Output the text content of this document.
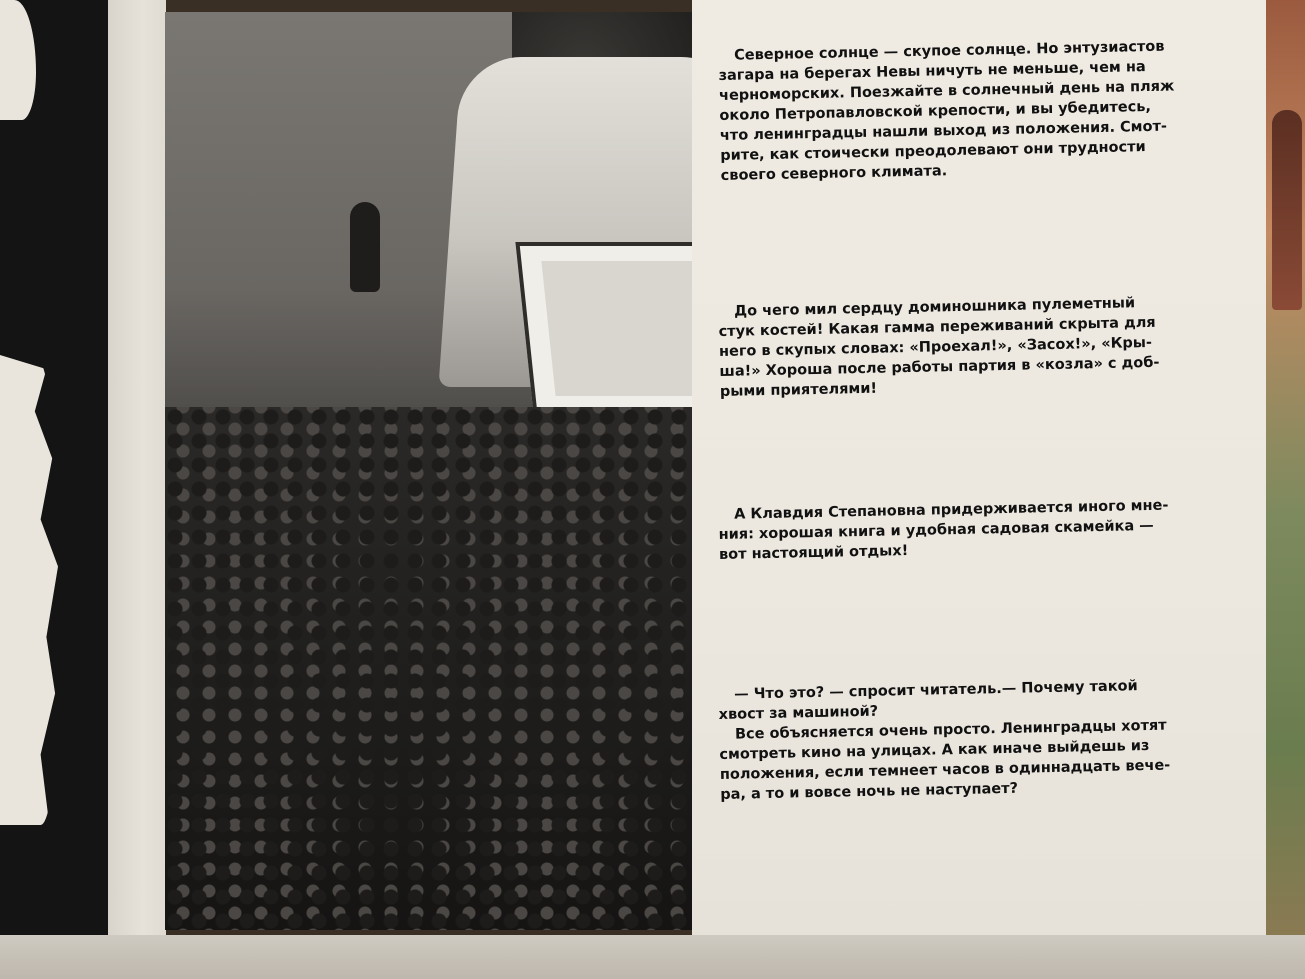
Северное солнце — скупое солнце. Но энтузиастов
загара на берегах Невы ничуть не меньше, чем на
черноморских. Поезжайте в солнечный день на пляж
около Петропавловской крепости, и вы убедитесь,
что ленинградцы нашли выход из положения. Смот-
рите, как стоически преодолевают они трудности
своего северного климата.
До чего мил сердцу доминошника пулеметный
стук костей! Какая гамма переживаний скрыта для
него в скупых словах: «Проехал!», «Засох!», «Кры-
ша!» Хороша после работы партия в «козла» с доб-
рыми приятелями!
А Клавдия Степановна придерживается иного мне-
ния: хорошая книга и удобная садовая скамейка —
вот настоящий отдых!
— Что это? — спросит читатель.— Почему такой
хвост за машиной?
Все объясняется очень просто. Ленинградцы хотят
смотреть кино на улицах. А как иначе выйдешь из
положения, если темнеет часов в одиннадцать вече-
ра, а то и вовсе ночь не наступает?
